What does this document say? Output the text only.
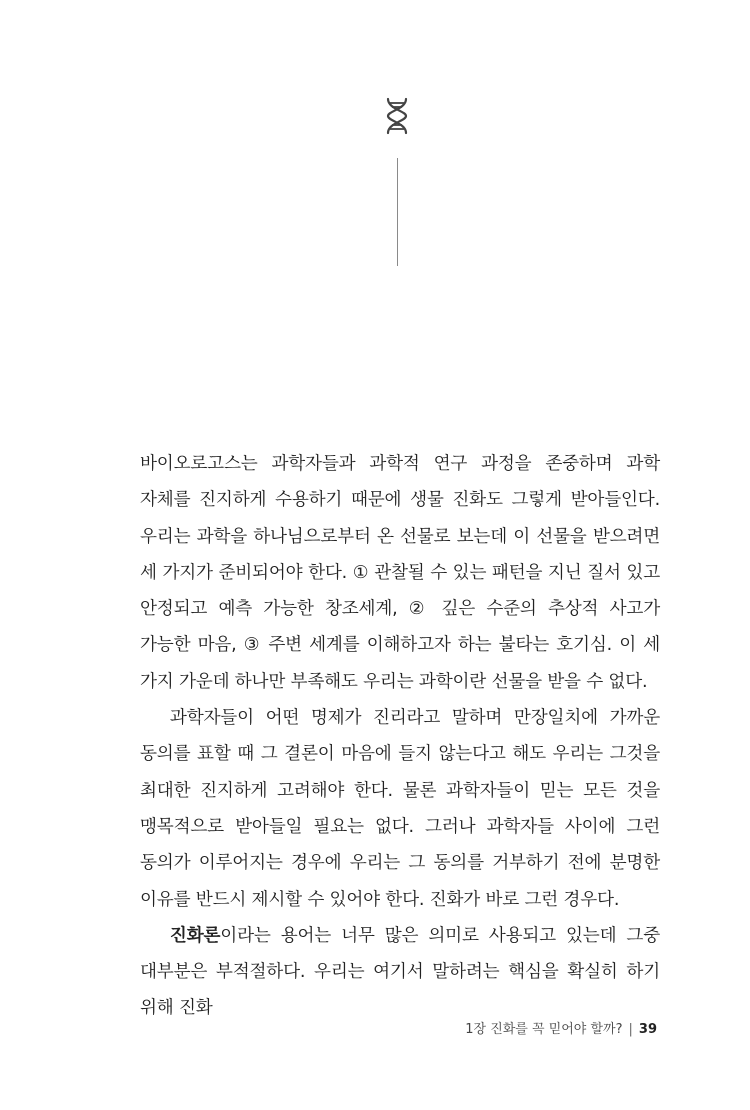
바이오로고스는 과학자들과 과학적 연구 과정을 존중하며 과학 자체를 진지하게 수용하기 때문에 생물 진화도 그렇게 받아들인다. 우리는 과학을 하나님으로부터 온 선물로 보는데 이 선물을 받으려면 세 가지가 준비되어야 한다. ① 관찰될 수 있는 패턴을 지닌 질서 있고 안정되고 예측 가능한 창조세계, ② 깊은 수준의 추상적 사고가 가능한 마음, ③ 주변 세계를 이해하고자 하는 불타는 호기심. 이 세 가지 가운데 하나만 부족해도 우리는 과학이란 선물을 받을 수 없다.

과학자들이 어떤 명제가 진리라고 말하며 만장일치에 가까운 동의를 표할 때 그 결론이 마음에 들지 않는다고 해도 우리는 그것을 최대한 진지하게 고려해야 한다. 물론 과학자들이 믿는 모든 것을 맹목적으로 받아들일 필요는 없다. 그러나 과학자들 사이에 그런 동의가 이루어지는 경우에 우리는 그 동의를 거부하기 전에 분명한 이유를 반드시 제시할 수 있어야 한다. 진화가 바로 그런 경우다.

진화론이라는 용어는 너무 많은 의미로 사용되고 있는데 그중 대부분은 부적절하다. 우리는 여기서 말하려는 핵심을 확실히 하기 위해 진화

1장 진화를 꼭 믿어야 할까? | 39
